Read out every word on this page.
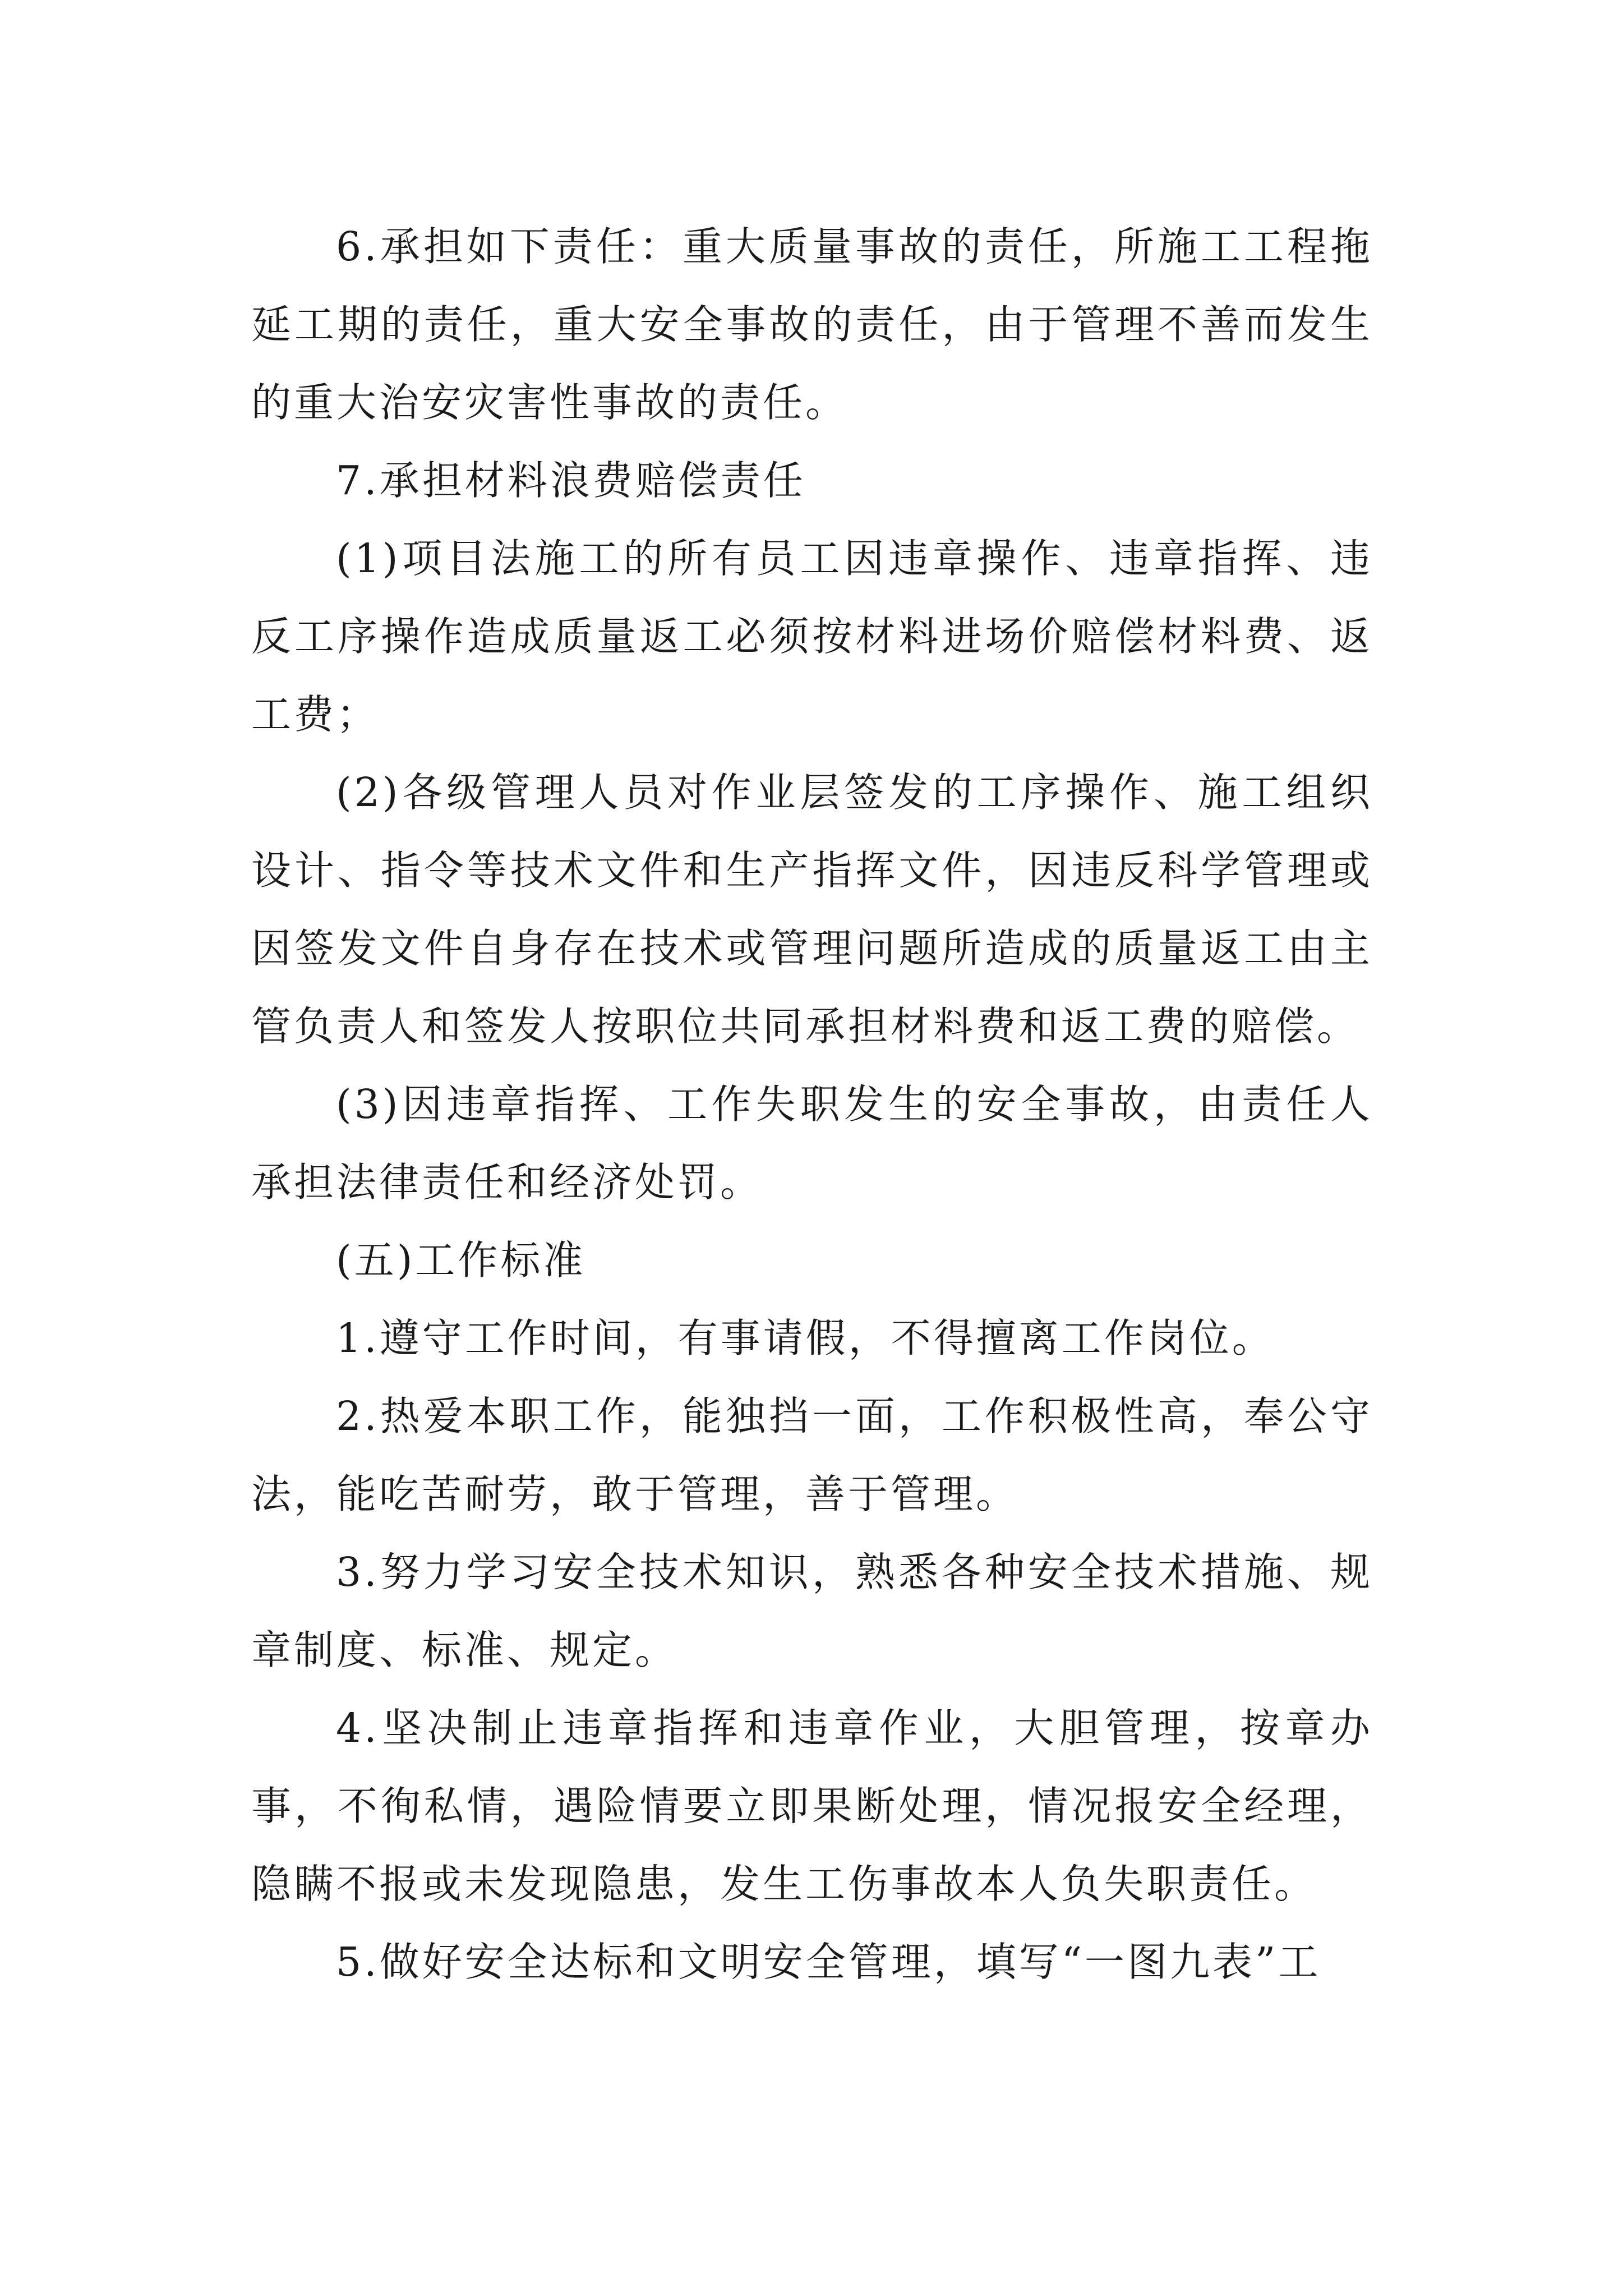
6.承担如下责任：重大质量事故的责任，所施工工程拖延工期的责任，重大安全事故的责任，由于管理不善而发生的重大治安灾害性事故的责任。

7.承担材料浪费赔偿责任

(1)项目法施工的所有员工因违章操作、违章指挥、违反工序操作造成质量返工必须按材料进场价赔偿材料费、返工费；

(2)各级管理人员对作业层签发的工序操作、施工组织设计、指令等技术文件和生产指挥文件，因违反科学管理或因签发文件自身存在技术或管理问题所造成的质量返工由主管负责人和签发人按职位共同承担材料费和返工费的赔偿。

(3)因违章指挥、工作失职发生的安全事故，由责任人承担法律责任和经济处罚。

(五)工作标准

1.遵守工作时间，有事请假，不得擅离工作岗位。

2.热爱本职工作，能独挡一面，工作积极性高，奉公守法，能吃苦耐劳，敢于管理，善于管理。

3.努力学习安全技术知识，熟悉各种安全技术措施、规章制度、标准、规定。

4.坚决制止违章指挥和违章作业，大胆管理，按章办事，不徇私情，遇险情要立即果断处理，情况报安全经理，隐瞒不报或未发现隐患，发生工伤事故本人负失职责任。

5.做好安全达标和文明安全管理，填写“一图九表”工
